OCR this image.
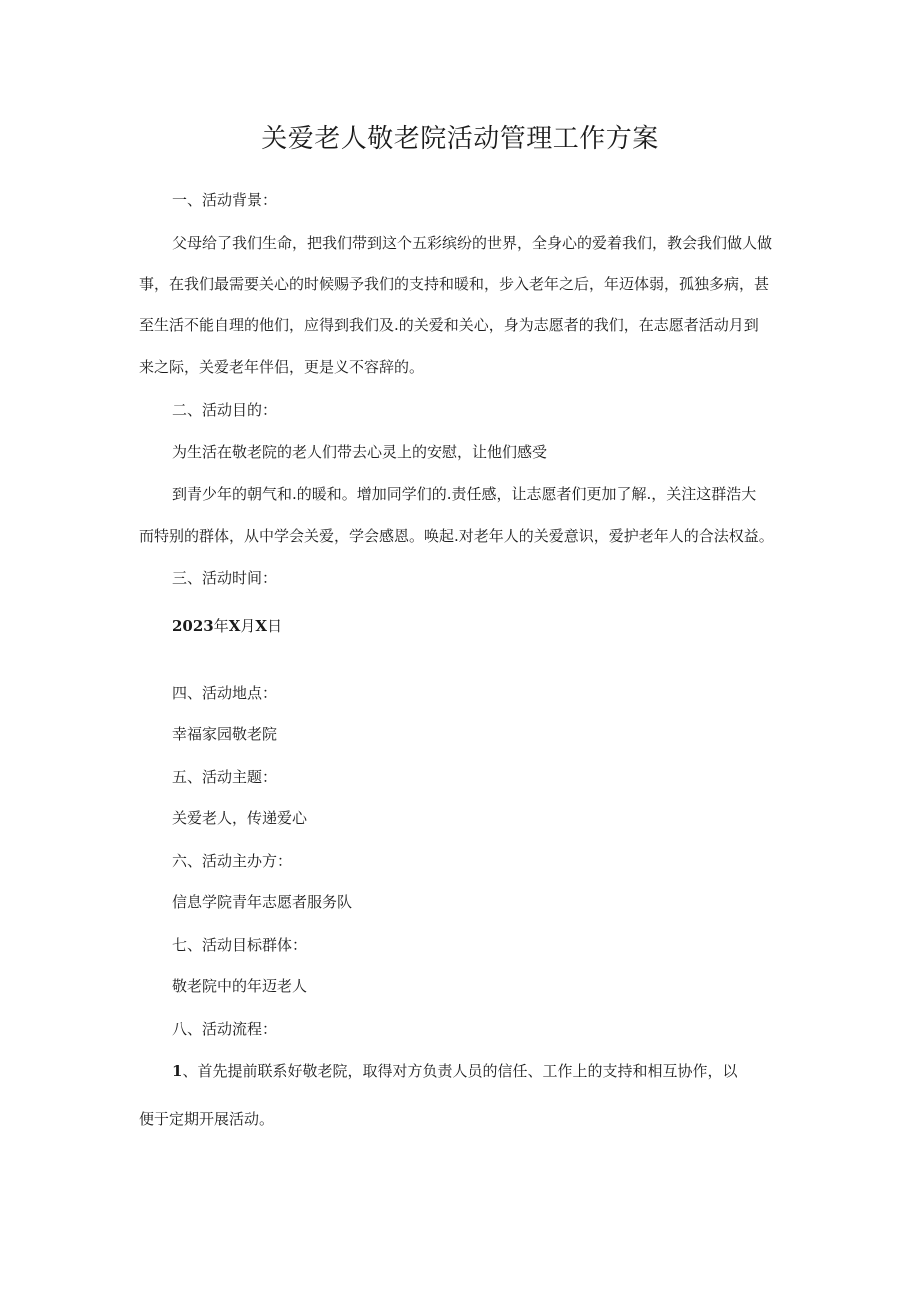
关爱老人敬老院活动管理工作方案
一、活动背景：
父母给了我们生命，把我们带到这个五彩缤纷的世界，全身心的爱着我们，教会我们做人做
事，在我们最需要关心的时候赐予我们的支持和暖和，步入老年之后，年迈体弱，孤独多病，甚
至生活不能自理的他们，应得到我们及.的关爱和关心，身为志愿者的我们，在志愿者活动月到
来之际，关爱老年伴侣，更是义不容辞的。
二、活动目的：
为生活在敬老院的老人们带去心灵上的安慰，让他们感受
到青少年的朝气和.的暖和。增加同学们的.责任感，让志愿者们更加了解.，关注这群浩大
而特别的群体，从中学会关爱，学会感恩。唤起.对老年人的关爱意识，爱护老年人的合法权益。
三、活动时间：
2023年X月X日
四、活动地点：
幸福家园敬老院
五、活动主题：
关爱老人，传递爱心
六、活动主办方：
信息学院青年志愿者服务队
七、活动目标群体：
敬老院中的年迈老人
八、活动流程：
1、首先提前联系好敬老院，取得对方负责人员的信任、工作上的支持和相互协作，以
便于定期开展活动。
